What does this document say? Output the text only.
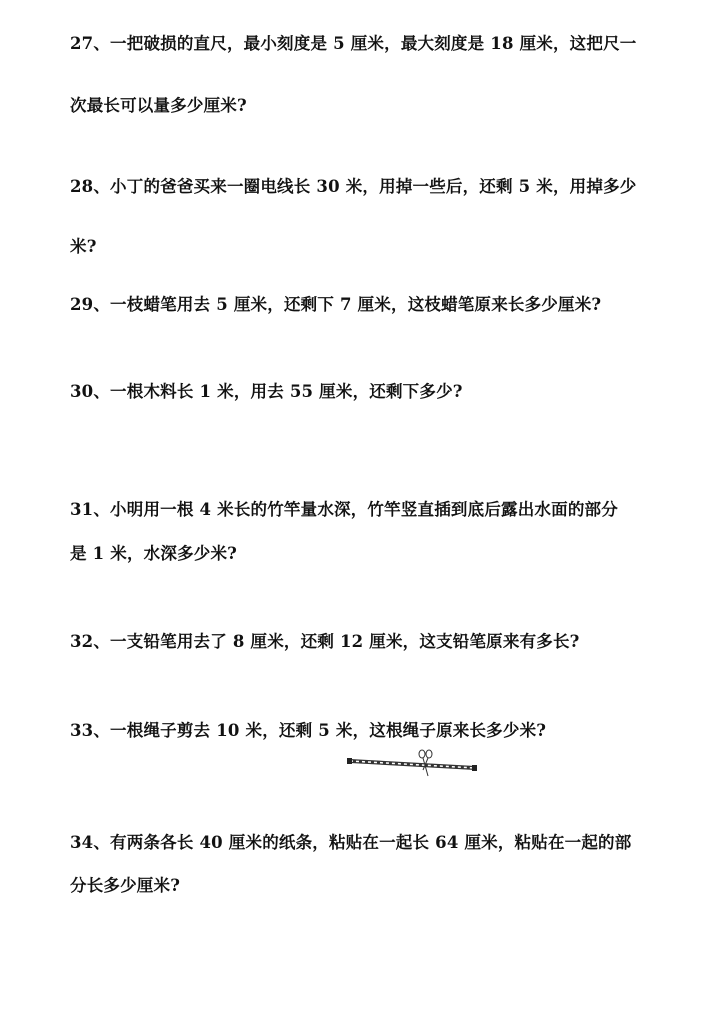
27、一把破损的直尺，最小刻度是 5 厘米，最大刻度是 18 厘米，这把尺一
次最长可以量多少厘米?
28、小丁的爸爸买来一圈电线长 30 米，用掉一些后，还剩 5 米，用掉多少
米?
29、一枝蜡笔用去 5 厘米，还剩下 7 厘米，这枝蜡笔原来长多少厘米?
30、一根木料长 1 米，用去 55 厘米，还剩下多少?
31、小明用一根 4 米长的竹竿量水深，竹竿竖直插到底后露出水面的部分
是 1 米，水深多少米?
32、一支铅笔用去了 8 厘米，还剩 12 厘米，这支铅笔原来有多长?
33、一根绳子剪去 10 米，还剩 5 米，这根绳子原来长多少米?
34、有两条各长 40 厘米的纸条，粘贴在一起长 64 厘米，粘贴在一起的部
分长多少厘米?
